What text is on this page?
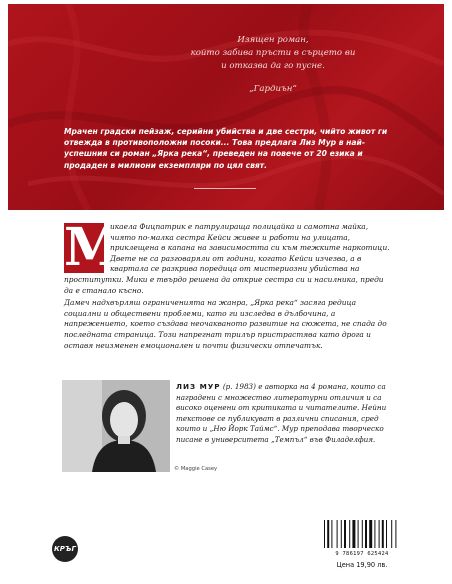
Изящен роман,
който забива пръсти в сърцето ви
и отказва да го пусне.
„Гардиън“
Мрачен градски пейзаж, серийни убийства и две сестри, чийто живот ги отвежда в противоположни посоки... Това предлага Лиз Мур в най-успешния си роман „Ярка река“, преведен на повече от 20 езика и продаден в милиони екземпляри по цял свят.

М
икаела Фицпатрик е патрулираща полицайка и самотна майка, чиято по-малка сестра Кейси живее и работи на улицата, приклещена в капана на зависимостта си към тежките наркотици. Двете не са разговаряли от години, когато Кейси изчезва, а в квартала се разкрива поредица от мистериозни убийства на проститутки. Мики е твърдо решена да открие сестра си и насилника, преди да е станало късно.

Дамеч надхвърляш ограниченията на жанра, „Ярка река“ засяга редица социални и обществени проблеми, като ги изследва в дълбочина, а напрежението, което създава неочакваното развитие на сюжета, не спада до последната страница. Този напрегнат трилър пристрастява като дрога и оставя неизменен емоционален и почти физически отпечатък.

© Maggie Casey
ЛИЗ МУР (р. 1983) е авторка на 4 романа, които са наградени с множество литературни отличия и са високо оценени от критиката и читателите. Нейни текстове се публикуват в различни списания, сред които и „Ню Йорк Таймс“. Мур преподава творческо писане в университета „Темпъл“ във Филаделфия.
КРЪГ
9 786197 625424
Цена 19,90 лв.
